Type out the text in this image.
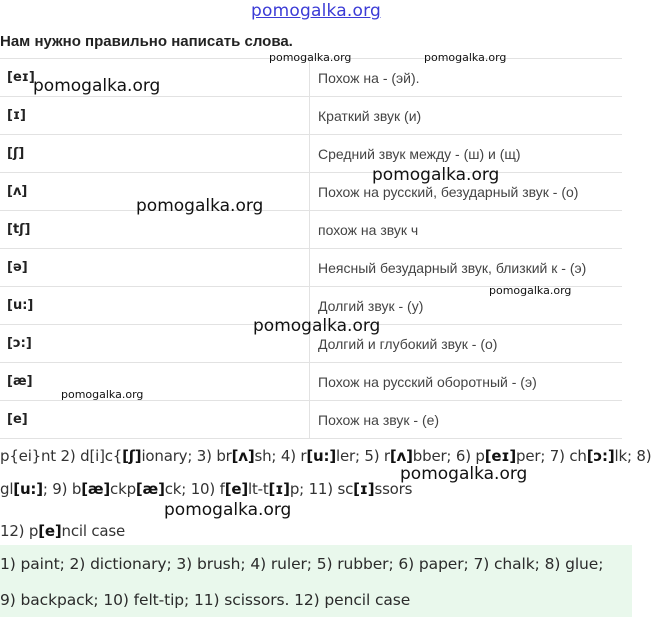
pomogalka.org
Нам нужно правильно написать слова.
[eɪ]	Похож на - (эй).
[ɪ]	Краткий звук (и)
[ʃ]	Средний звук между - (ш) и (щ)
[ʌ]	Похож на русский, безударный звук - (о)
[tʃ]	похож на звук ч
[ə]	Неясный безударный звук, близкий к - (э)
[u:]	Долгий звук - (у)
[ɔ:]	Долгий и глубокий звук - (о)
[æ]	Похож на русский оборотный - (э)
[e]	Похож на звук - (е)
p{ei}nt 2) d[i]c{[ʃ]ionary; 3) br[ʌ]sh; 4) r[u:]ler; 5) r[ʌ]bber; 6) p[eɪ]per; 7) ch[ɔ:]lk; 8)
gl[u:]; 9) b[æ]ckp[æ]ck; 10) f[e]lt-t[ɪ]p; 11) sc[ɪ]ssors
12) p[e]ncil case
1) paint; 2) dictionary; 3) brush; 4) ruler; 5) rubber; 6) paper; 7) chalk; 8) glue;
9) backpack; 10) felt-tip; 11) scissors. 12) pencil case
pomogalka.org	pomogalka.org
pomogalka.org
pomogalka.org
pomogalka.org
pomogalka.org
pomogalka.org
pomogalka.org
pomogalka.org
pomogalka.org
